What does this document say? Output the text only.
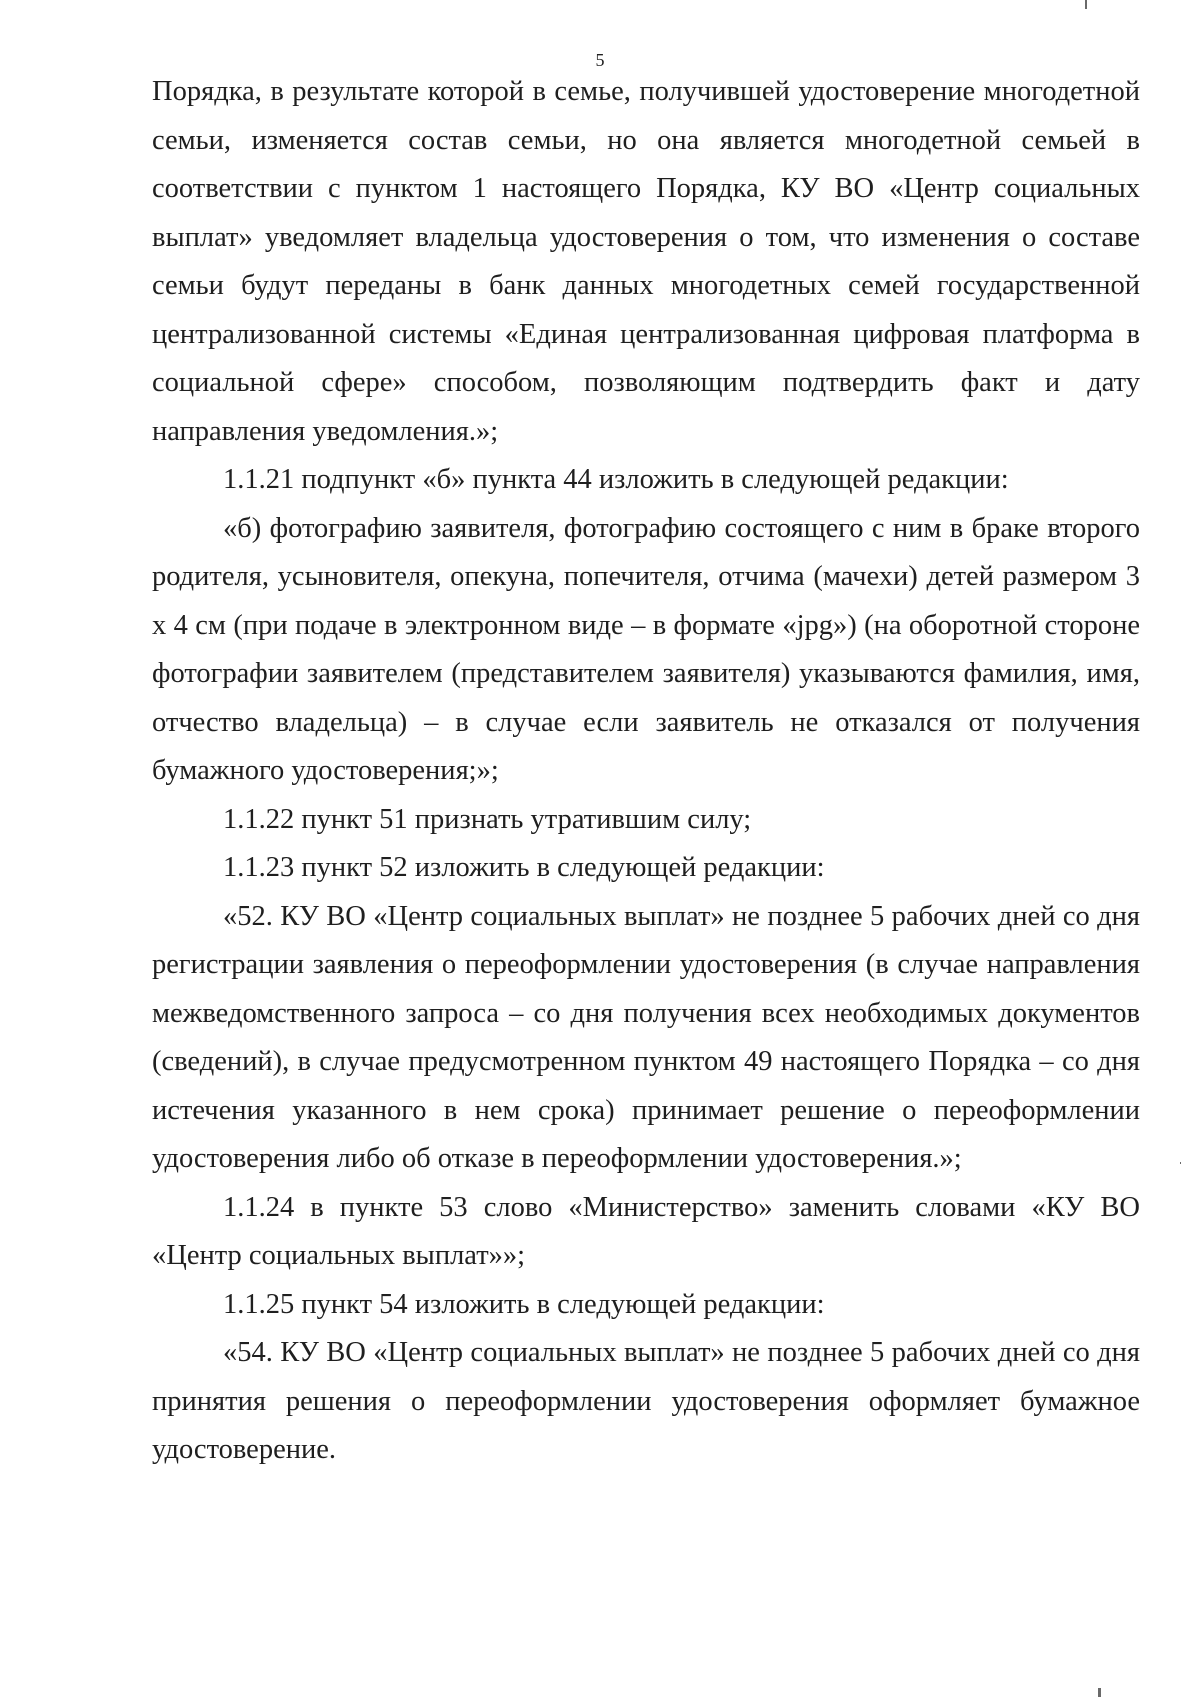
5

Порядка, в результате которой в семье, получившей удостоверение многодетной семьи, изменяется состав семьи, но она является многодетной семьей в соответствии с пунктом 1 настоящего Порядка, КУ ВО «Центр социальных выплат» уведомляет владельца удостоверения о том, что изменения о составе семьи будут переданы в банк данных многодетных семей государственной централизованной системы «Единая централизованная цифровая платформа в социальной сфере» способом, позволяющим подтвердить факт и дату направления уведомления.»;

1.1.21 подпункт «б» пункта 44 изложить в следующей редакции:

«б) фотографию заявителя, фотографию состоящего с ним в браке второго родителя, усыновителя, опекуна, попечителя, отчима (мачехи) детей размером 3 х 4 см (при подаче в электронном виде – в формате «jpg») (на оборотной стороне фотографии заявителем (представителем заявителя) указываются фамилия, имя, отчество владельца) – в случае если заявитель не отказался от получения бумажного удостоверения;»;

1.1.22 пункт 51 признать утратившим силу;

1.1.23 пункт 52 изложить в следующей редакции:

«52. КУ ВО «Центр социальных выплат» не позднее 5 рабочих дней со дня регистрации заявления о переоформлении удостоверения (в случае направления межведомственного запроса – со дня получения всех необходимых документов (сведений), в случае предусмотренном пунктом 49 настоящего Порядка – со дня истечения указанного в нем срока) принимает решение о переоформлении удостоверения либо об отказе в переоформлении удостоверения.»;

1.1.24 в пункте 53 слово «Министерство» заменить словами «КУ ВО «Центр социальных выплат»»;

1.1.25 пункт 54 изложить в следующей редакции:

«54. КУ ВО «Центр социальных выплат» не позднее 5 рабочих дней со дня принятия решения о переоформлении удостоверения оформляет бумажное удостоверение.
